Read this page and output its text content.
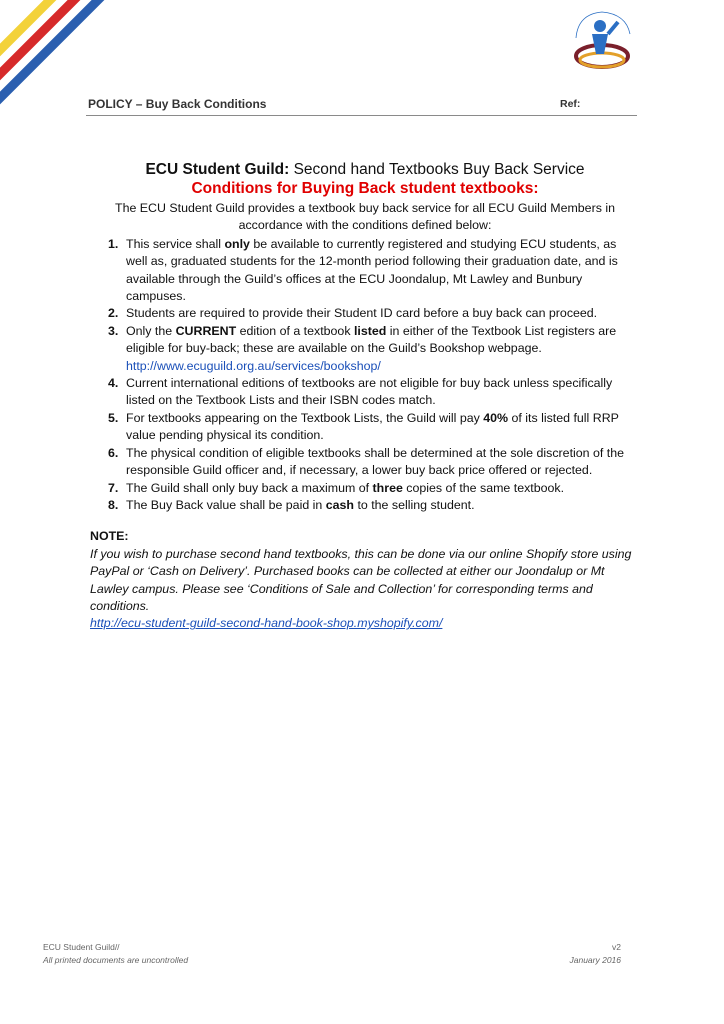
POLICY – Buy Back Conditions	Ref:

ECU Student Guild: Second hand Textbooks Buy Back Service

Conditions for Buying Back student textbooks:

The ECU Student Guild provides a textbook buy back service for all ECU Guild Members in accordance with the conditions defined below:

1. This service shall only be available to currently registered and studying ECU students, as well as, graduated students for the 12-month period following their graduation date, and is available through the Guild’s offices at the ECU Joondalup, Mt Lawley and Bunbury campuses.
2. Students are required to provide their Student ID card before a buy back can proceed.
3. Only the CURRENT edition of a textbook listed in either of the Textbook List registers are eligible for buy-back; these are available on the Guild’s Bookshop webpage.
http://www.ecuguild.org.au/services/bookshop/
4. Current international editions of textbooks are not eligible for buy back unless specifically listed on the Textbook Lists and their ISBN codes match.
5. For textbooks appearing on the Textbook Lists, the Guild will pay 40% of its listed full RRP value pending physical its condition.
6. The physical condition of eligible textbooks shall be determined at the sole discretion of the responsible Guild officer and, if necessary, a lower buy back price offered or rejected.
7. The Guild shall only buy back a maximum of three copies of the same textbook.
8. The Buy Back value shall be paid in cash to the selling student.
NOTE:
If you wish to purchase second hand textbooks, this can be done via our online Shopify store using PayPal or ‘Cash on Delivery’. Purchased books can be collected at either our Joondalup or Mt Lawley campus. Please see ‘Conditions of Sale and Collection’ for corresponding terms and conditions.
http://ecu-student-guild-second-hand-book-shop.myshopify.com/
ECU Student Guild//
All printed documents are uncontrolled
v2
January 2016
